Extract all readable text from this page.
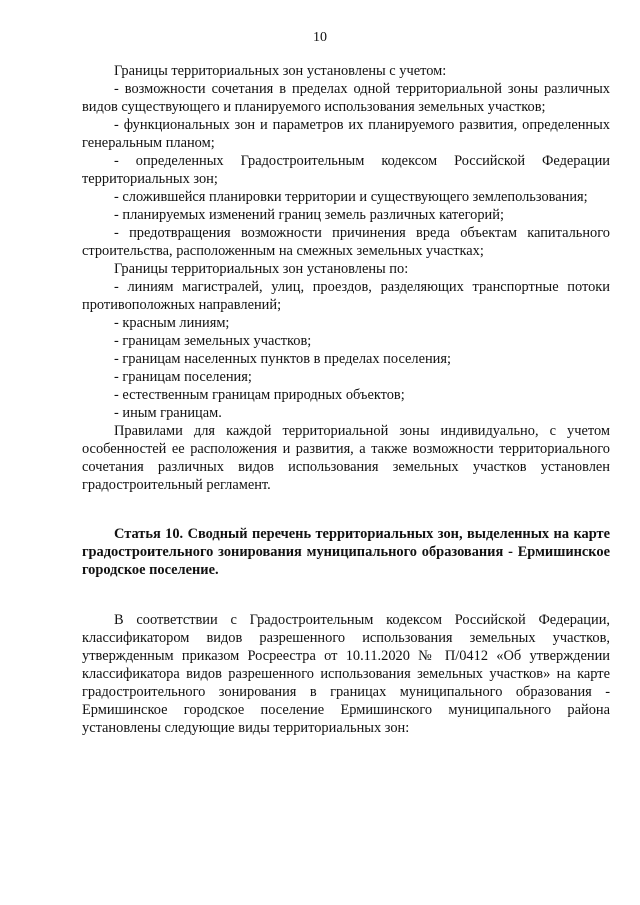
10

Границы территориальных зон установлены с учетом:

- возможности сочетания в пределах одной территориальной зоны различных видов существующего и планируемого использования земельных участков;

- функциональных зон и параметров их планируемого развития, определенных генеральным планом;

- определенных Градостроительным кодексом Российской Федерации территориальных зон;

- сложившейся планировки территории и существующего землепользования;

- планируемых изменений границ земель различных категорий;

- предотвращения возможности причинения вреда объектам капитального строительства, расположенным на смежных земельных участках;

Границы территориальных зон установлены по:

- линиям магистралей, улиц, проездов, разделяющих транспортные потоки противоположных направлений;

- красным линиям;

- границам земельных участков;

- границам населенных пунктов в пределах поселения;

- границам поселения;

- естественным границам природных объектов;

- иным границам.

Правилами для каждой территориальной зоны индивидуально, с учетом особенностей ее расположения и развития, а также возможности территориального сочетания различных видов использования земельных участков установлен градостроительный регламент.

Статья 10. Сводный перечень территориальных зон, выделенных на карте градостроительного зонирования муниципального образования - Ермишинское городское поселение.

В соответствии с Градостроительным кодексом Российской Федерации, классификатором видов разрешенного использования земельных участков, утвержденным приказом Росреестра от 10.11.2020 № П/0412 «Об утверждении классификатора видов разрешенного использования земельных участков» на карте градостроительного зонирования в границах муниципального образования - Ермишинское городское поселение Ермишинского муниципального района установлены следующие виды территориальных зон:
